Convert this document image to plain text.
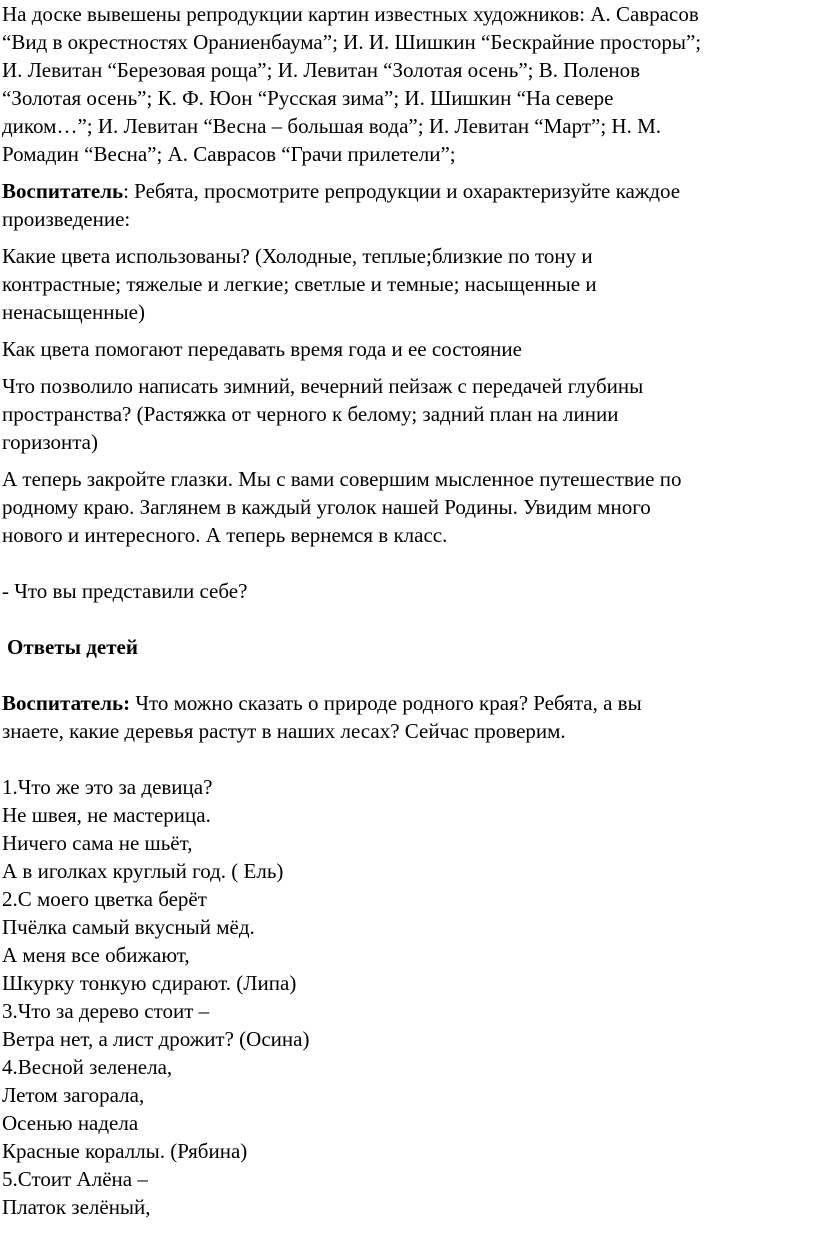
На доске вывешены репродукции картин известных художников: А. Саврасов

“Вид в окрестностях Ораниенбаума”; И. И. Шишкин “Бескрайние просторы”;

И. Левитан “Березовая роща”; И. Левитан “Золотая осень”; В. Поленов

“Золотая осень”; К. Ф. Юон “Русская зима”; И. Шишкин “На севере

диком…”; И. Левитан “Весна – большая вода”; И. Левитан “Март”; Н. М.

Ромадин “Весна”; А. Саврасов “Грачи прилетели”;

Воспитатель: Ребята, просмотрите репродукции и охарактеризуйте каждое

произведение:

Какие цвета использованы? (Холодные, теплые;близкие по тону и

контрастные; тяжелые и легкие; светлые и темные; насыщенные и

ненасыщенные)

Как цвета помогают передавать время года и ее состояние

Что позволило написать зимний, вечерний пейзаж с передачей глубины

пространства? (Растяжка от черного к белому; задний план на линии

горизонта)

А теперь закройте глазки. Мы с вами совершим мысленное путешествие по

родному краю. Заглянем в каждый уголок нашей Родины. Увидим много

нового и интересного. А теперь вернемся в класс.

- Что вы представили себе?

Ответы детей

Воспитатель: Что можно сказать о природе родного края? Ребята, а вы

знаете, какие деревья растут в наших лесах? Сейчас проверим.

1.Что же это за девица?

Не швея, не мастерица.

Ничего сама не шьёт,

А в иголках круглый год. ( Ель)

2.С моего цветка берёт

Пчёлка самый вкусный мёд.

А меня все обижают,

Шкурку тонкую сдирают. (Липа)

3.Что за дерево стоит –

Ветра нет, а лист дрожит? (Осина)

4.Весной зеленела,

Летом загорала,

Осенью надела

Красные кораллы. (Рябина)

5.Стоит Алёна –

Платок зелёный,
